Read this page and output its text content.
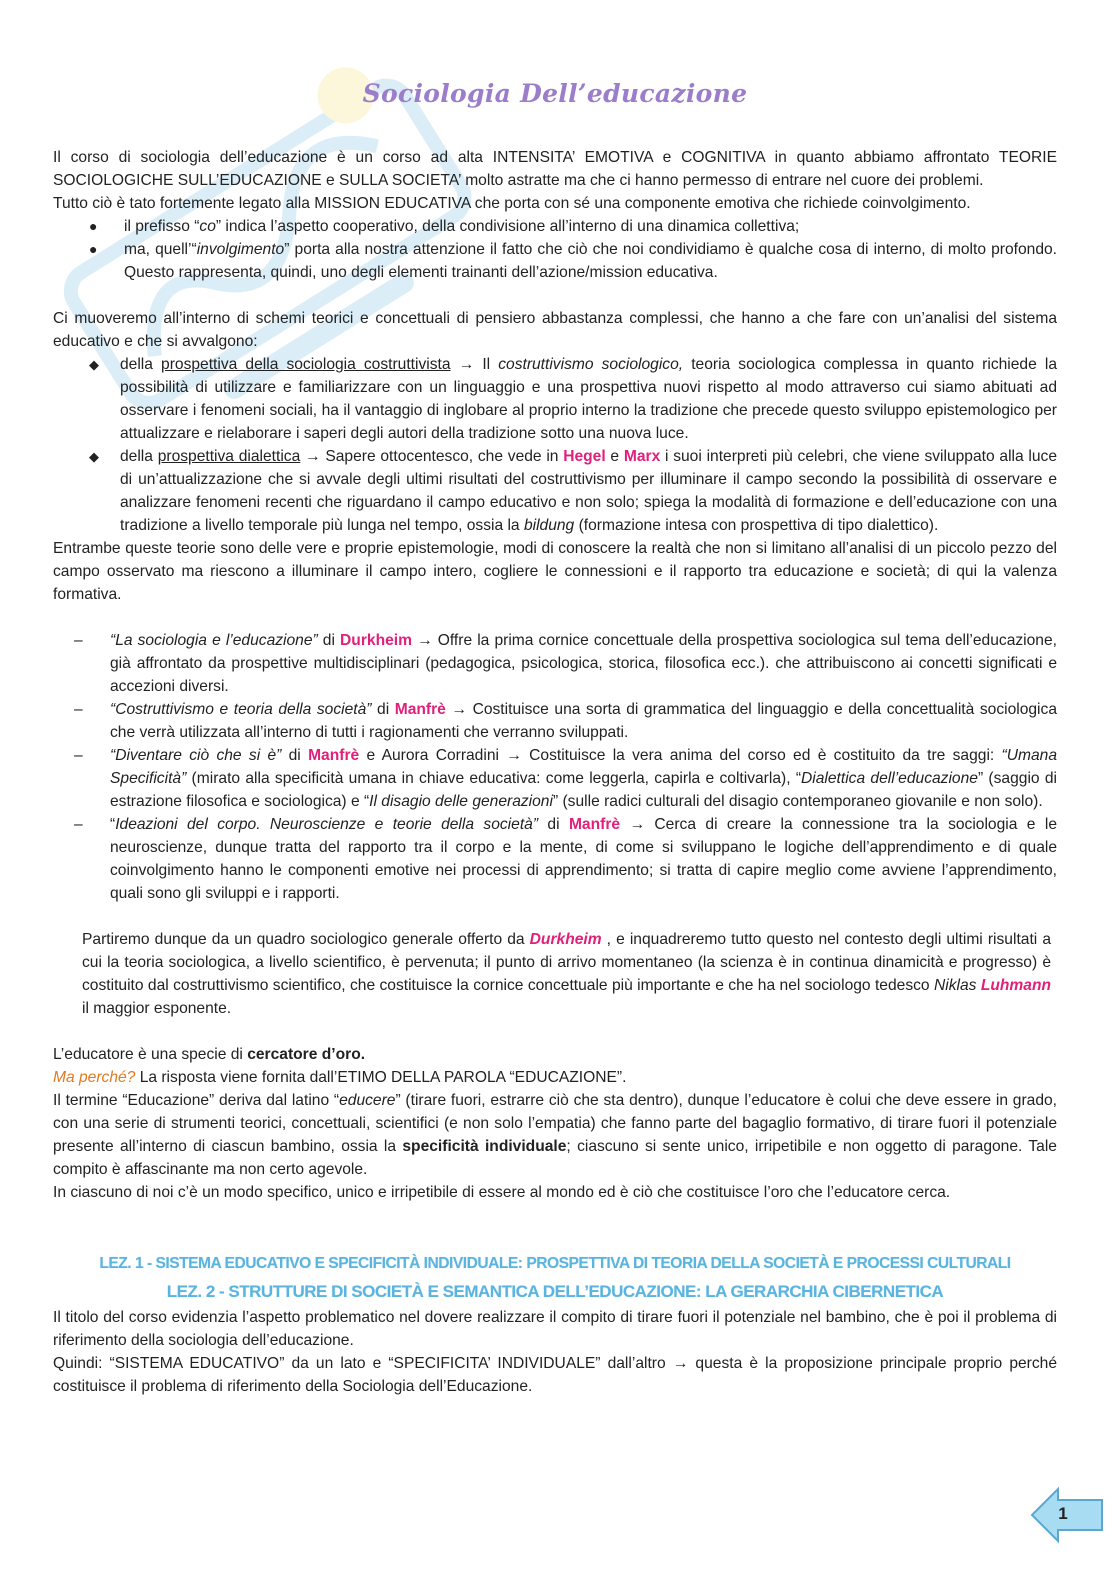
Sociologia Dell’educazione

Il corso di sociologia dell’educazione è un corso ad alta INTENSITA’ EMOTIVA e COGNITIVA in quanto abbiamo affrontato TEORIE SOCIOLOGICHE SULL’EDUCAZIONE e SULLA SOCIETA’ molto astratte ma che ci hanno permesso di entrare nel cuore dei problemi.
Tutto ciò è tato fortemente legato alla MISSION EDUCATIVA che porta con sé una componente emotiva che richiede coinvolgimento.

● il prefisso “co” indica l’aspetto cooperativo, della condivisione all’interno di una dinamica collettiva;
● ma, quell’“involgimento” porta alla nostra attenzione il fatto che ciò che noi condividiamo è qualche cosa di interno, di molto profondo. Questo rappresenta, quindi, uno degli elementi trainanti dell’azione/mission educativa.

Ci muoveremo all’interno di schemi teorici e concettuali di pensiero abbastanza complessi, che hanno a che fare con un’analisi del sistema educativo e che si avvalgono:

◆ della prospettiva della sociologia costruttivista → Il costruttivismo sociologico, teoria sociologica complessa in quanto richiede la possibilità di utilizzare e familiarizzare con un linguaggio e una prospettiva nuovi rispetto al modo attraverso cui siamo abituati ad osservare i fenomeni sociali, ha il vantaggio di inglobare al proprio interno la tradizione che precede questo sviluppo epistemologico per attualizzare e rielaborare i saperi degli autori della tradizione sotto una nuova luce.
◆ della prospettiva dialettica → Sapere ottocentesco, che vede in Hegel e Marx i suoi interpreti più celebri, che viene sviluppato alla luce di un’attualizzazione che si avvale degli ultimi risultati del costruttivismo per illuminare il campo secondo la possibilità di osservare e analizzare fenomeni recenti che riguardano il campo educativo e non solo; spiega la modalità di formazione e dell’educazione con una tradizione a livello temporale più lunga nel tempo, ossia la bildung (formazione intesa con prospettiva di tipo dialettico).

Entrambe queste teorie sono delle vere e proprie epistemologie, modi di conoscere la realtà che non si limitano all’analisi di un piccolo pezzo del campo osservato ma riescono a illuminare il campo intero, cogliere le connessioni e il rapporto tra educazione e società; di qui la valenza formativa.

– “La sociologia e l’educazione” di Durkheim → Offre la prima cornice concettuale della prospettiva sociologica sul tema dell’educazione, già affrontato da prospettive multidisciplinari (pedagogica, psicologica, storica, filosofica ecc.). che attribuiscono ai concetti significati e accezioni diversi.
– “Costruttivismo e teoria della società” di Manfrè → Costituisce una sorta di grammatica del linguaggio e della concettualità sociologica che verrà utilizzata all’interno di tutti i ragionamenti che verranno sviluppati.
– “Diventare ciò che si è” di Manfrè e Aurora Corradini → Costituisce la vera anima del corso ed è costituito da tre saggi: “Umana Specificità” (mirato alla specificità umana in chiave educativa: come leggerla, capirla e coltivarla), “Dialettica dell’educazione” (saggio di estrazione filosofica e sociologica) e “Il disagio delle generazioni” (sulle radici culturali del disagio contemporaneo giovanile e non solo).
– “Ideazioni del corpo. Neuroscienze e teorie della società” di Manfrè → Cerca di creare la connessione tra la sociologia e le neuroscienze, dunque tratta del rapporto tra il corpo e la mente, di come si sviluppano le logiche dell’apprendimento e di quale coinvolgimento hanno le componenti emotive nei processi di apprendimento; si tratta di capire meglio come avviene l’apprendimento, quali sono gli sviluppi e i rapporti.

Partiremo dunque da un quadro sociologico generale offerto da Durkheim , e inquadreremo tutto questo nel contesto degli ultimi risultati a cui la teoria sociologica, a livello scientifico, è pervenuta; il punto di arrivo momentaneo (la scienza è in continua dinamicità e progresso) è costituito dal costruttivismo scientifico, che costituisce la cornice concettuale più importante e che ha nel sociologo tedesco Niklas Luhmann il maggior esponente.

L’educatore è una specie di cercatore d’oro.
Ma perché? La risposta viene fornita dall’ETIMO DELLA PAROLA “EDUCAZIONE”.
Il termine “Educazione” deriva dal latino “educere” (tirare fuori, estrarre ciò che sta dentro), dunque l’educatore è colui che deve essere in grado, con una serie di strumenti teorici, concettuali, scientifici (e non solo l’empatia) che fanno parte del bagaglio formativo, di tirare fuori il potenziale presente all’interno di ciascun bambino, ossia la specificità individuale; ciascuno si sente unico, irripetibile e non oggetto di paragone. Tale compito è affascinante ma non certo agevole.
In ciascuno di noi c’è un modo specifico, unico e irripetibile di essere al mondo ed è ciò che costituisce l’oro che l’educatore cerca.

LEZ. 1 - SISTEMA EDUCATIVO E SPECIFICITÀ INDIVIDUALE: PROSPETTIVA DI TEORIA DELLA SOCIETÀ E PROCESSI CULTURALI
LEZ. 2 - STRUTTURE DI SOCIETÀ E SEMANTICA DELL’EDUCAZIONE: LA GERARCHIA CIBERNETICA

Il titolo del corso evidenzia l’aspetto problematico nel dovere realizzare il compito di tirare fuori il potenziale nel bambino, che è poi il problema di riferimento della sociologia dell’educazione.
Quindi: “SISTEMA EDUCATIVO” da un lato e “SPECIFICITA’ INDIVIDUALE” dall’altro → questa è la proposizione principale proprio perché costituisce il problema di riferimento della Sociologia dell’Educazione.

1
